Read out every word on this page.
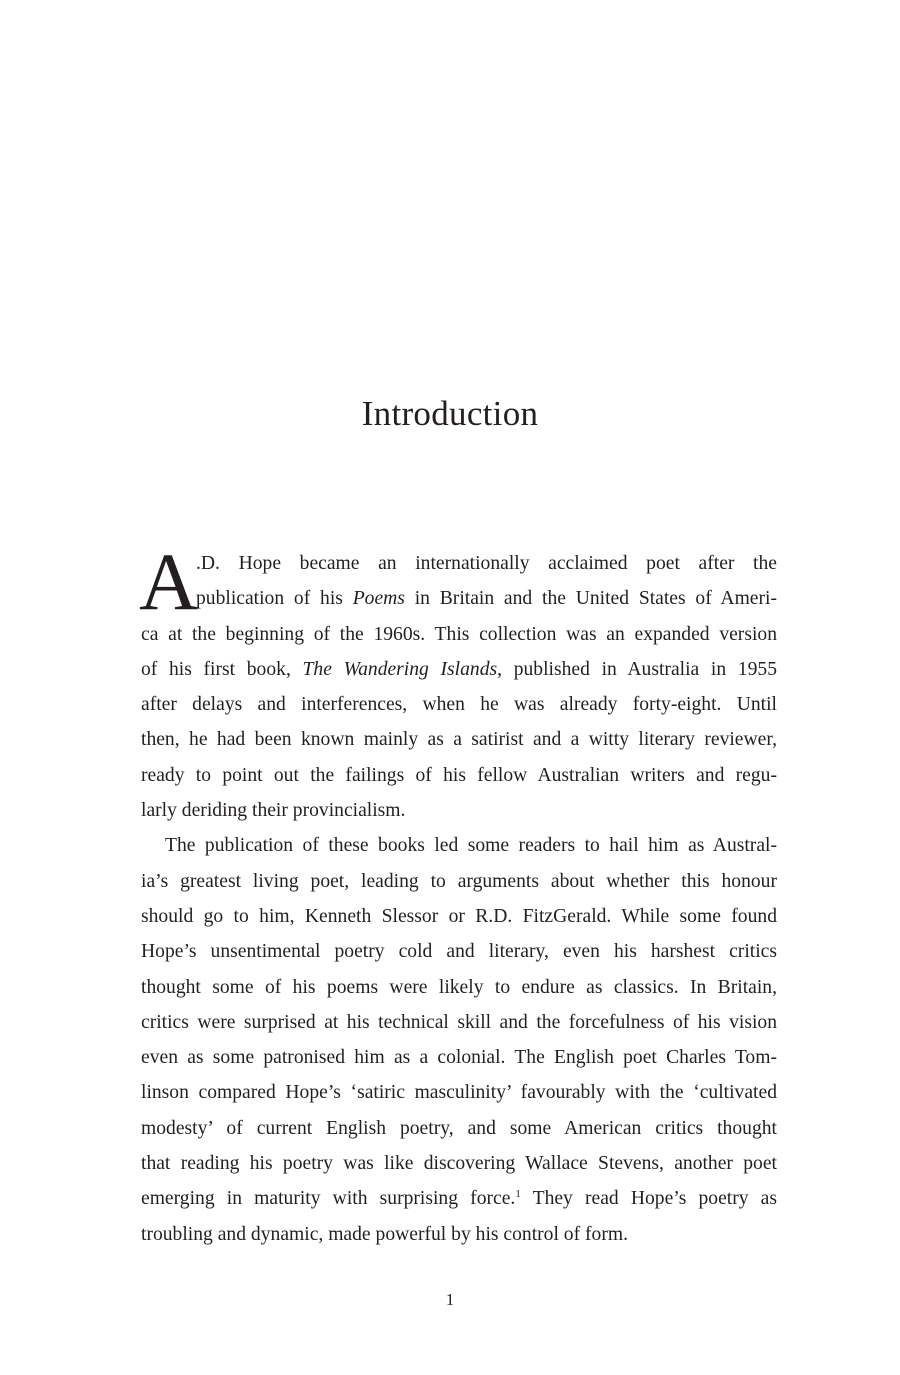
Introduction

A
.D. Hope became an internationally acclaimed poet after the
publication of his Poems in Britain and the United States of Ameri-
ca at the beginning of the 1960s. This collection was an expanded version
of his first book, The Wandering Islands, published in Australia in 1955
after delays and interferences, when he was already forty-eight. Until
then, he had been known mainly as a satirist and a witty literary reviewer,
ready to point out the failings of his fellow Australian writers and regu-
larly deriding their provincialism.

The publication of these books led some readers to hail him as Austral-
ia’s greatest living poet, leading to arguments about whether this honour
should go to him, Kenneth Slessor or R.D. FitzGerald. While some found
Hope’s unsentimental poetry cold and literary, even his harshest critics
thought some of his poems were likely to endure as classics. In Britain,
critics were surprised at his technical skill and the forcefulness of his vision
even as some patronised him as a colonial. The English poet Charles Tom-
linson compared Hope’s ‘satiric masculinity’ favourably with the ‘cultivated
modesty’ of current English poetry, and some American critics thought
that reading his poetry was like discovering Wallace Stevens, another poet
emerging in maturity with surprising force.$^1$ They read Hope’s poetry as
troubling and dynamic, made powerful by his control of form.

1
